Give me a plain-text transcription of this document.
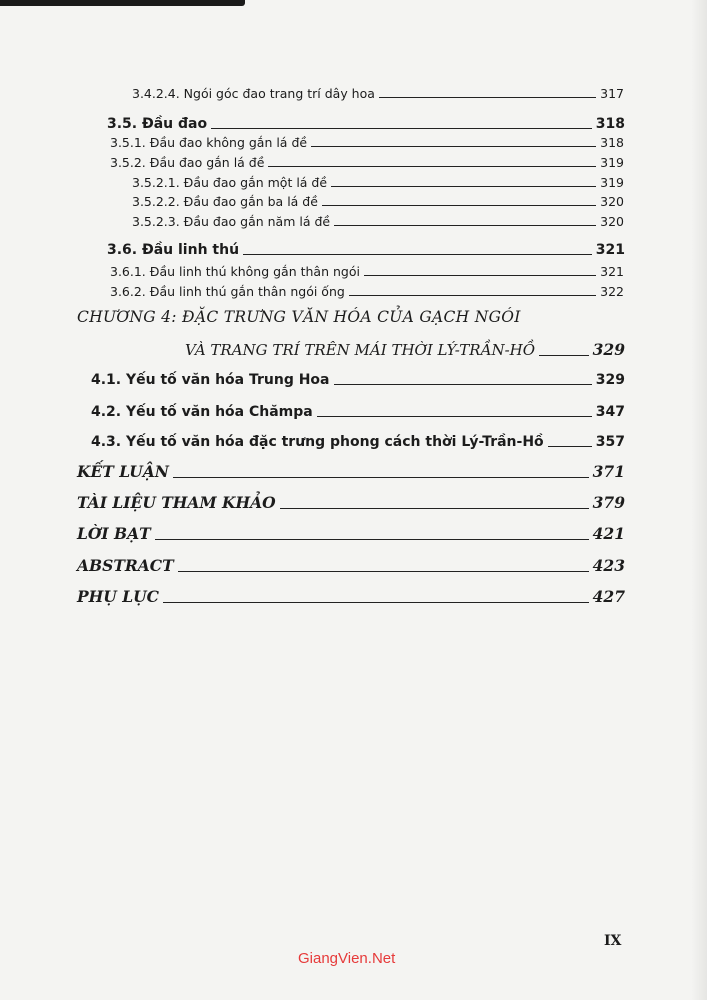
3.4.2.4. Ngói góc đao trang trí dây hoa	317
3.5. Đầu đao	318
3.5.1. Đầu đao không gắn lá đề	318
3.5.2. Đầu đao gắn lá đề	319
3.5.2.1. Đầu đao gắn một lá đề	319
3.5.2.2. Đầu đao gắn ba lá đề	320
3.5.2.3. Đầu đao gắn năm lá đề	320
3.6. Đầu linh thú	321
3.6.1. Đầu linh thú không gắn thân ngói	321
3.6.2. Đầu linh thú gắn thân ngói ống	322
CHƯƠNG 4: ĐẶC TRƯNG VĂN HÓA CỦA GẠCH NGÓI
VÀ TRANG TRÍ TRÊN MÁI THỜI LÝ-TRẦN-HỒ	329
4.1. Yếu tố văn hóa Trung Hoa	329
4.2. Yếu tố văn hóa Chămpa	347
4.3. Yếu tố văn hóa đặc trưng phong cách thời Lý-Trần-Hồ	357
KẾT LUẬN	371
TÀI LIỆU THAM KHẢO	379
LỜI BẠT	421
ABSTRACT	423
PHỤ LỤC	427
IX
GiangVien.Net
